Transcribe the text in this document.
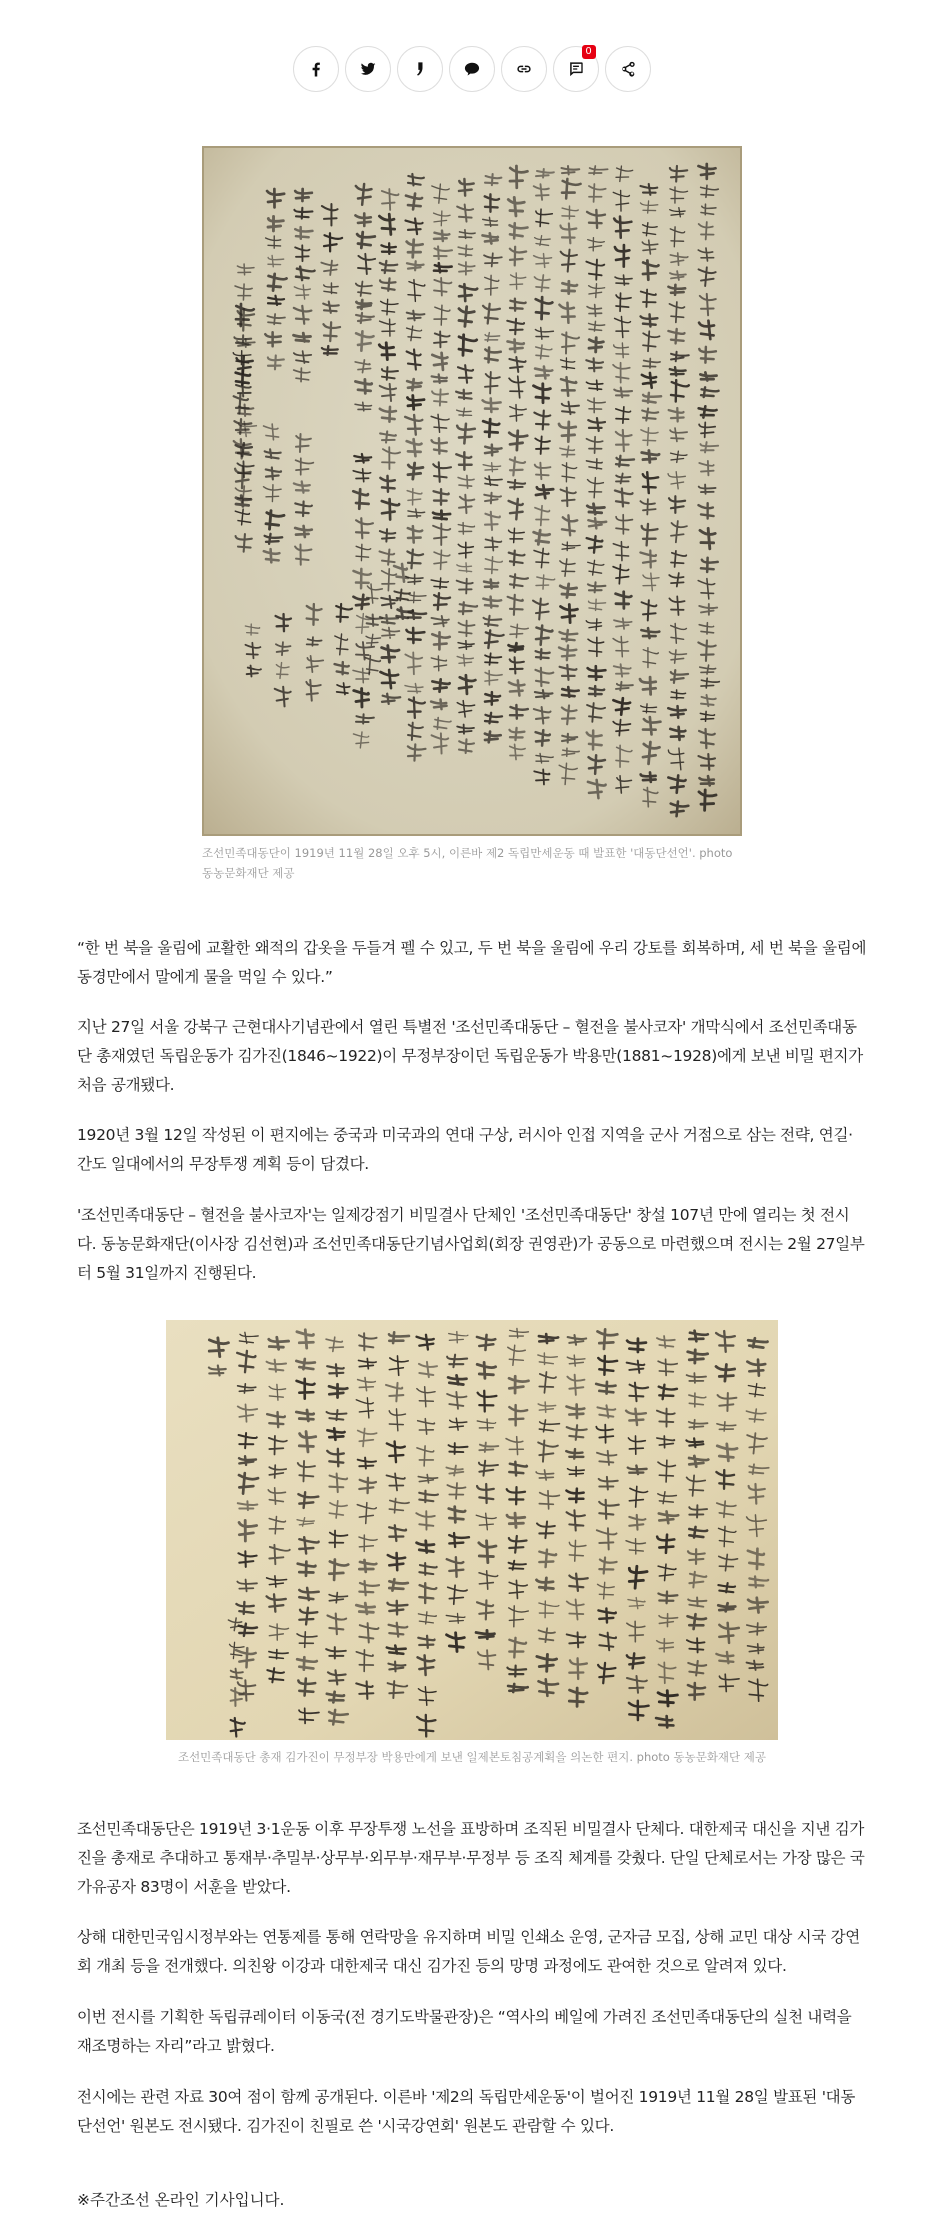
0
조선민족대동단이 1919년 11월 28일 오후 5시, 이른바 제2 독립만세운동 때 발표한 '대동단선언'. photo 동농문화재단 제공

“한 번 북을 울림에 교활한 왜적의 갑옷을 두들겨 펠 수 있고, 두 번 북을 울림에 우리 강토를 회복하며, 세 번 북을 울림에 동경만에서 말에게 물을 먹일 수 있다.”

지난 27일 서울 강북구 근현대사기념관에서 열린 특별전 '조선민족대동단 – 혈전을 불사코자' 개막식에서 조선민족대동단 총재였던 독립운동가 김가진(1846~1922)이 무정부장이던 독립운동가 박용만(1881~1928)에게 보낸 비밀 편지가 처음 공개됐다.

1920년 3월 12일 작성된 이 편지에는 중국과 미국과의 연대 구상, 러시아 인접 지역을 군사 거점으로 삼는 전략, 연길·간도 일대에서의 무장투쟁 계획 등이 담겼다.

'조선민족대동단 – 혈전을 불사코자'는 일제강점기 비밀결사 단체인 '조선민족대동단' 창설 107년 만에 열리는 첫 전시다. 동농문화재단(이사장 김선현)과 조선민족대동단기념사업회(회장 권영관)가 공동으로 마련했으며 전시는 2월 27일부터 5월 31일까지 진행된다.

조선민족대동단 총재 김가진이 무정부장 박용만에게 보낸 일제본토침공계획을 의논한 편지. photo 동농문화재단 제공

조선민족대동단은 1919년 3·1운동 이후 무장투쟁 노선을 표방하며 조직된 비밀결사 단체다. 대한제국 대신을 지낸 김가진을 총재로 추대하고 통재부·추밀부·상무부·외무부·재무부·무정부 등 조직 체계를 갖췄다. 단일 단체로서는 가장 많은 국가유공자 83명이 서훈을 받았다.

상해 대한민국임시정부와는 연통제를 통해 연락망을 유지하며 비밀 인쇄소 운영, 군자금 모집, 상해 교민 대상 시국 강연회 개최 등을 전개했다. 의친왕 이강과 대한제국 대신 김가진 등의 망명 과정에도 관여한 것으로 알려져 있다.

이번 전시를 기획한 독립큐레이터 이동국(전 경기도박물관장)은 “역사의 베일에 가려진 조선민족대동단의 실천 내력을 재조명하는 자리”라고 밝혔다.

전시에는 관련 자료 30여 점이 함께 공개된다. 이른바 '제2의 독립만세운동'이 벌어진 1919년 11월 28일 발표된 '대동단선언' 원본도 전시됐다. 김가진이 친필로 쓴 '시국강연회' 원본도 관람할 수 있다.

※주간조선 온라인 기사입니다.
